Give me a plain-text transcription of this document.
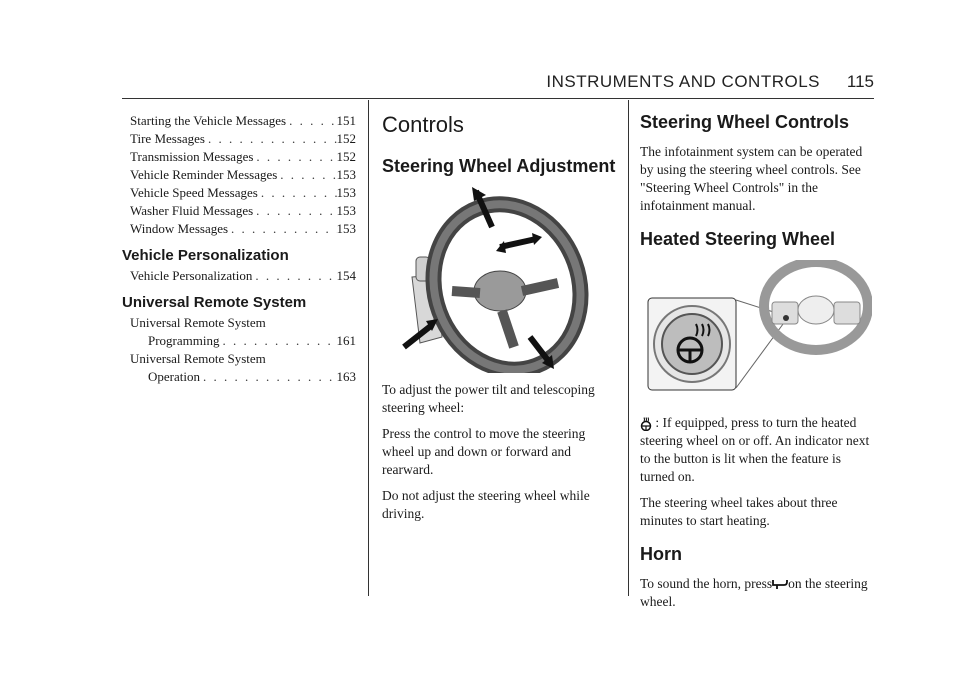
INSTRUMENTS AND CONTROLS 115
Starting the Vehicle Messages . . .	151
Tire Messages . . .	152
Transmission Messages . . .	152
Vehicle Reminder Messages . . .	153
Vehicle Speed Messages . . .	153
Washer Fluid Messages . . .	153
Window Messages . . .	153
Vehicle Personalization
Vehicle Personalization . . .	154
Universal Remote System
Universal Remote System
Programming . . .	161
Universal Remote System
Operation . . .	163
Controls
Steering Wheel Adjustment

To adjust the power tilt and telescoping steering wheel:

Press the control to move the steering wheel up and down or forward and rearward.

Do not adjust the steering wheel while driving.

Steering Wheel Controls

The infotainment system can be operated by using the steering wheel controls. See "Steering Wheel Controls" in the infotainment manual.

Heated Steering Wheel

: If equipped, press to turn the heated steering wheel on or off. An indicator next to the button is lit when the feature is turned on.

The steering wheel takes about three minutes to start heating.

Horn

To sound the horn, press on the steering wheel.
